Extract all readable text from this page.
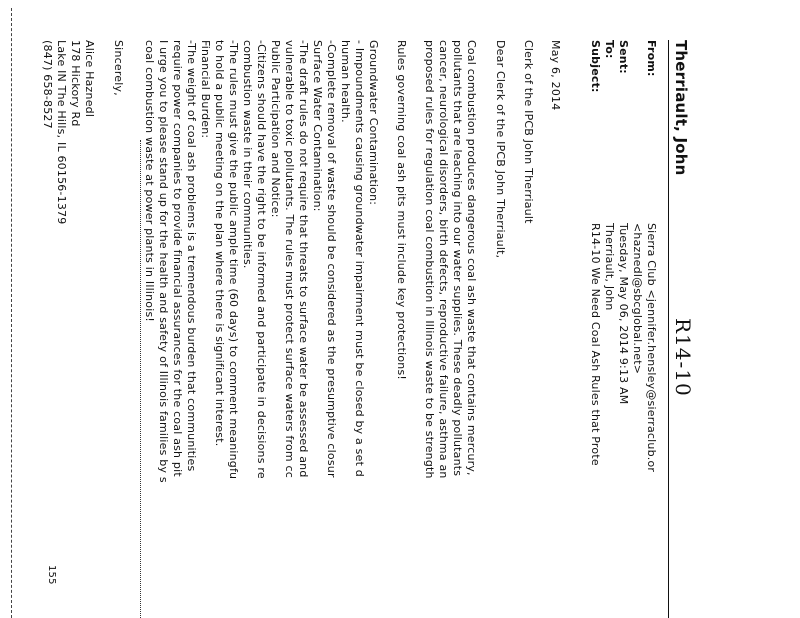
Therriault, John
R14-10
From:
Sierra Club <jennifer.hensley@sierraclub.or
<haznedl@sbcglobal.net>
Sent:
Tuesday, May 06, 2014 9:13 AM
To:
Therriault, John
Subject:
R14-10 We Need Coal Ash Rules that Prote
May 6, 2014
Clerk of the IPCB John Therriault
Dear Clerk of the IPCB John Therriault,
Coal combustion produces dangerous coal ash waste that contains mercury,
pollutants that are leaching into our water supplies. These deadly pollutants
cancer, neurological disorders, birth defects, reproductive failure, asthma an
proposed rules for regulation coal combustion in Illinois waste to be strength
Rules governing coal ash pits must include key protections!
Groundwater Contamination:
- Impoundments causing groundwater impairment must be closed by a set d
human health.
-Complete removal of waste should be considered as the presumptive closur
Surface Water Contamination:
-The draft rules do not require that threats to surface water be assessed and
vulnerable to toxic pollutants. The rules must protect surface waters from cc
Public Participation and Notice:
-Citizens should have the right to be informed and participate in decisions re
combustion waste in their communities.
-The rules must give the public ample time (60 days) to comment meaningfu
to hold a public meeting on the plan where there is significant interest.
Financial Burden:
-The weight of coal ash problems is a tremendous burden that communities
require power companies to provide financial assurances for the coal ash pit
I urge you to please stand up for the health and safety of Illinois families by s
coal combustion waste at power plants in Illinois!
Sincerely,
Alice Haznedl
178 Hickory Rd
Lake IN The Hills, IL 60156-1379
(847) 658-8527
155
